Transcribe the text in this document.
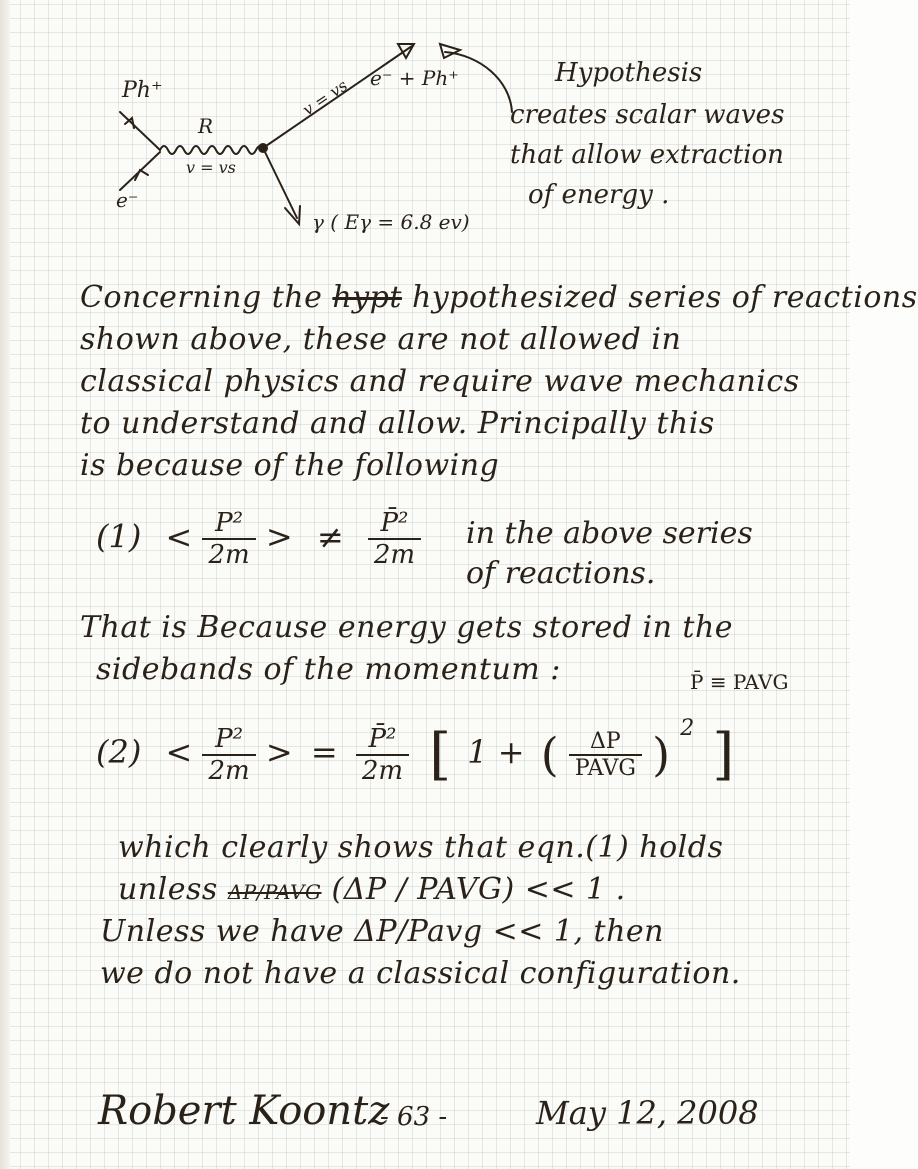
Ph⁺
e⁻
R
v = vs
v = vs e⁻ + Ph⁺
γ ( Eγ = 6.8 ev)
Hypothesis
creates scalar waves
that allow extraction
of energy .
Concerning the hypt hypothesized series of reactions
shown above, these are not allowed in
classical physics and require wave mechanics
to understand and allow. Principally this
is because of the following
$(1) < \frac{\text{P²}}{2m}$ > ≠ $\frac{\text{P̄²}}{2m}$ in the above series
of reactions.
That is Because energy gets stored in the
sidebands of the momentum :	P̄ ≡ PAVG
$(2) < \frac{\text{P²}}{2m}$ > = $\frac{\text{P̄²}}{2m}$ [ 1 + ( $\frac{\Delta P}{\text{PAVG}}$ ) $^2$ ]
which clearly shows that eqn.(1) holds
unless ΔP/PAVG (ΔP / PAVG) << 1 .
Unless we have ΔP/Pavg << 1, then
we do not have a classical configuration.
Robert Koontz
- 63 -	May 12, 2008
